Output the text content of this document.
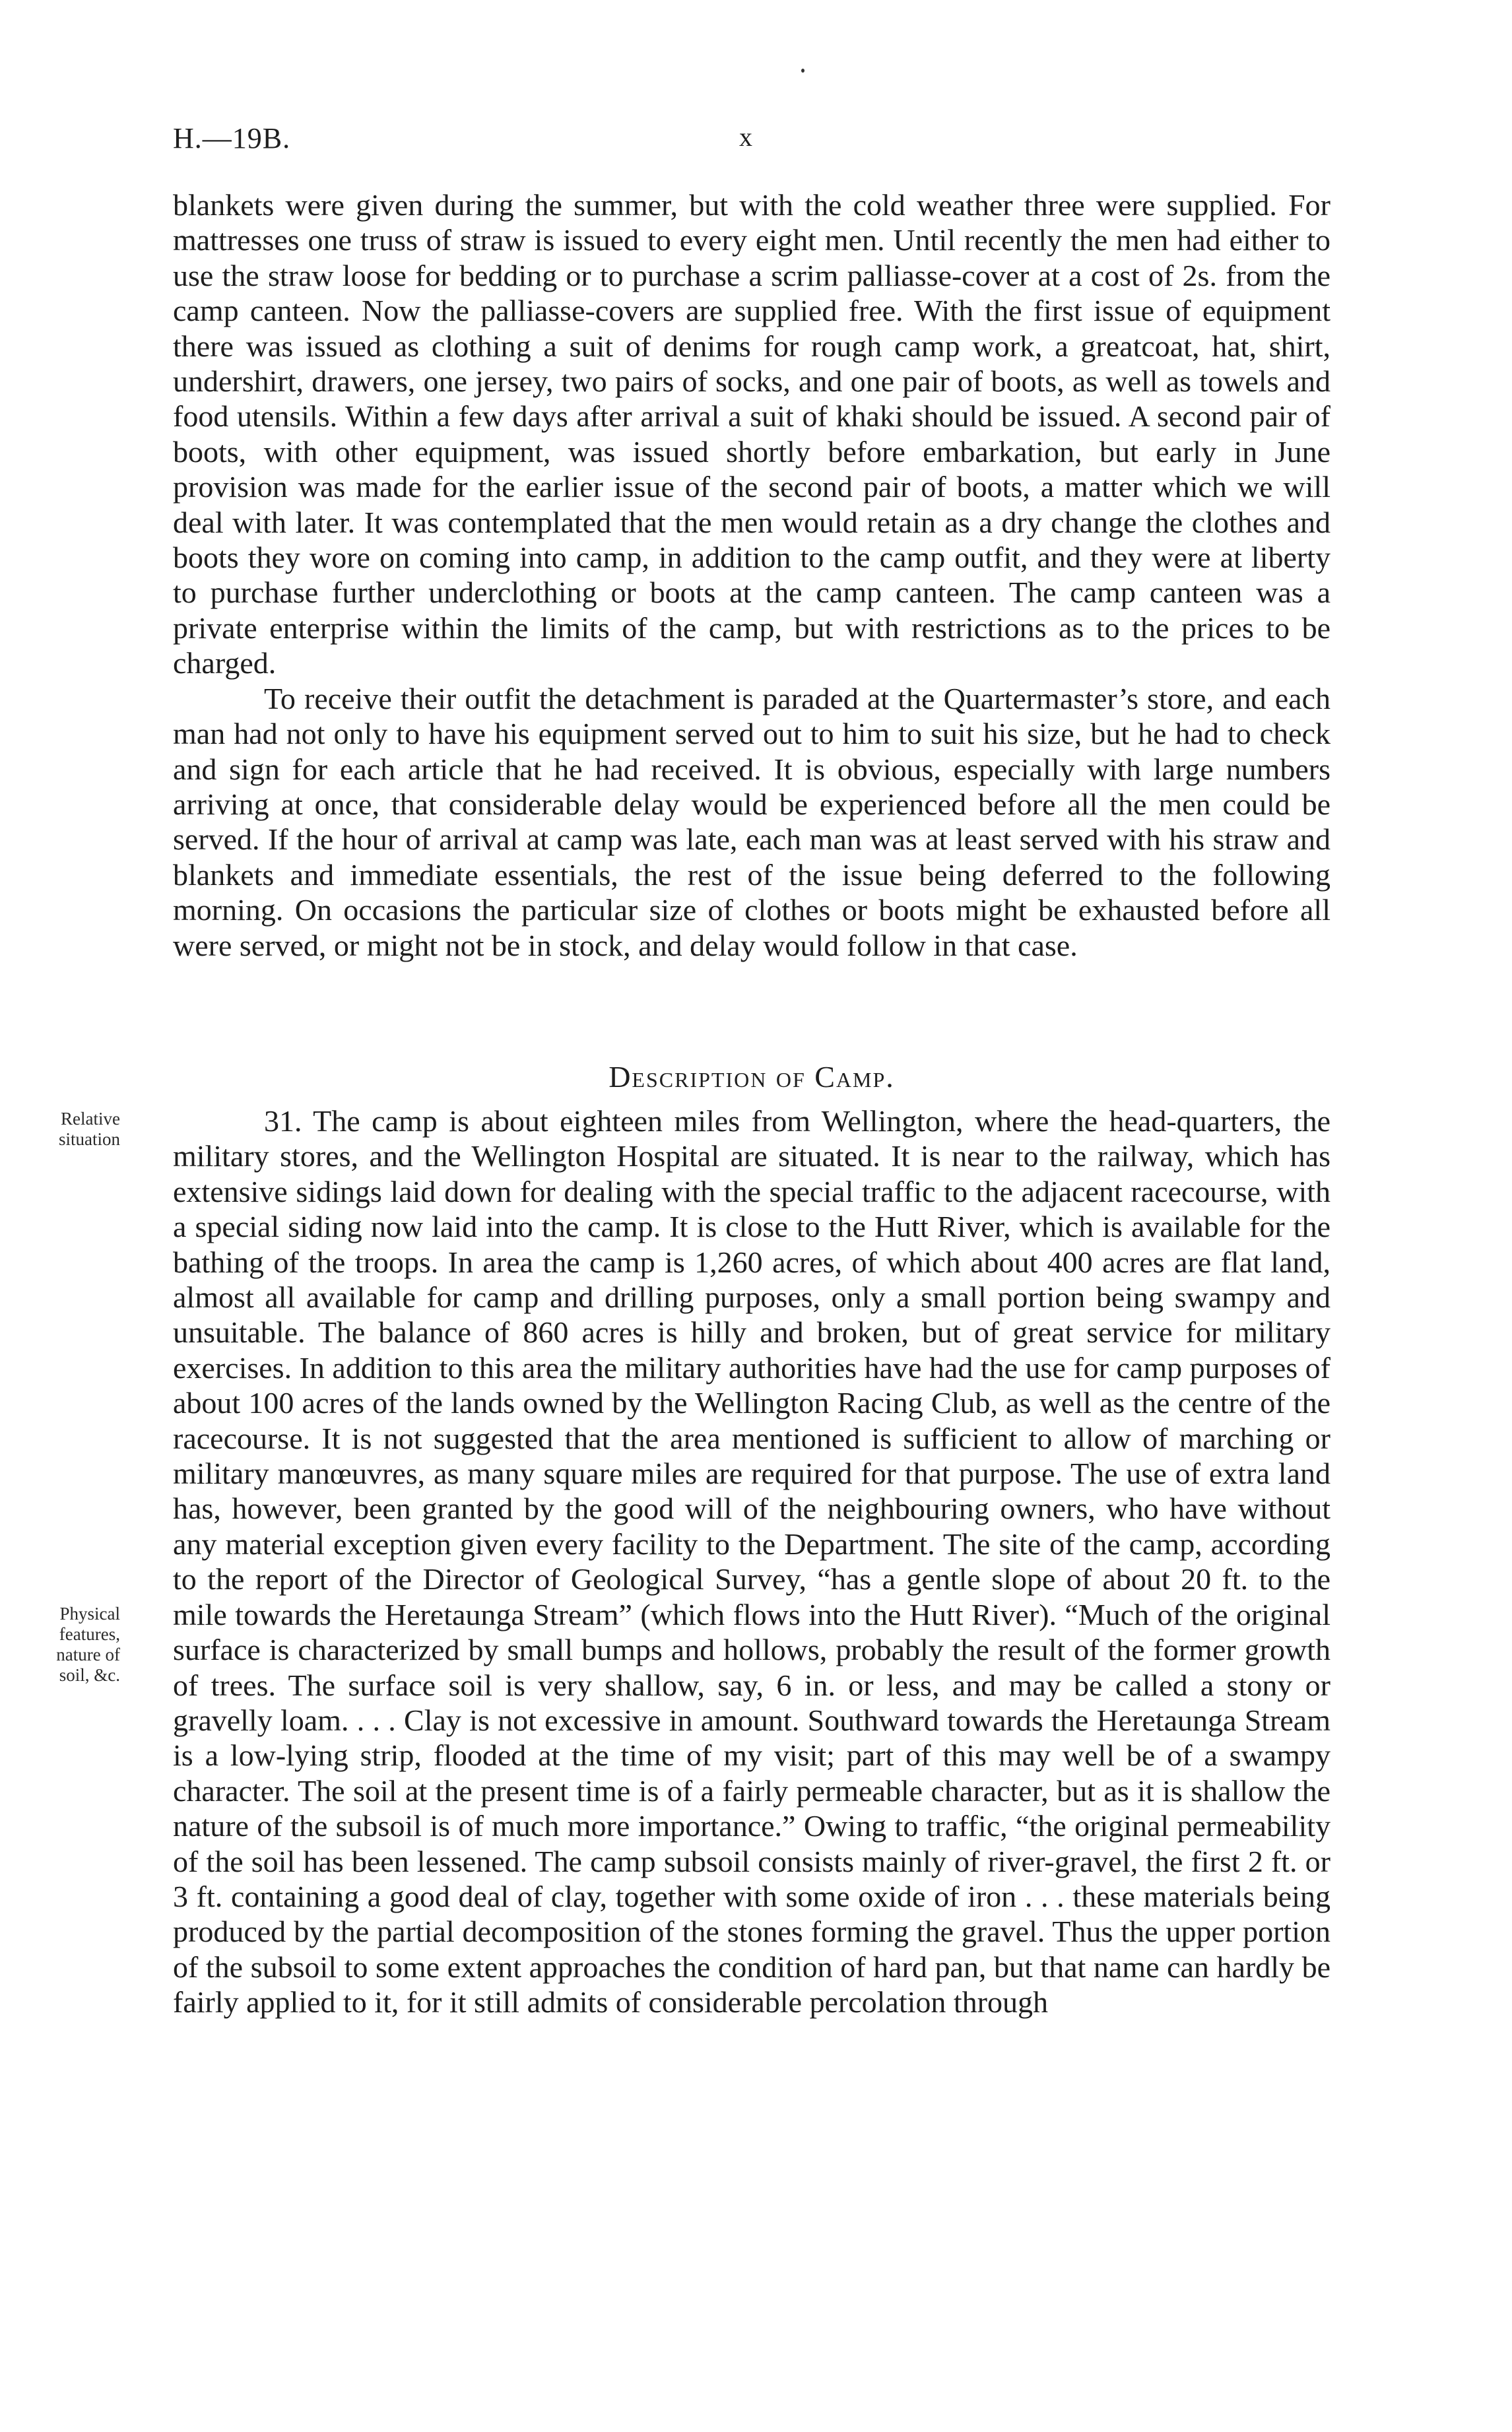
H.—19B.	x

blankets were given during the summer, but with the cold weather three were supplied. For mattresses one truss of straw is issued to every eight men. Until recently the men had either to use the straw loose for bedding or to purchase a scrim palliasse-cover at a cost of 2s. from the camp canteen. Now the palliasse-covers are supplied free. With the first issue of equipment there was issued as clothing a suit of denims for rough camp work, a greatcoat, hat, shirt, undershirt, drawers, one jersey, two pairs of socks, and one pair of boots, as well as towels and food utensils. Within a few days after arrival a suit of khaki should be issued. A second pair of boots, with other equipment, was issued shortly before embarkation, but early in June provision was made for the earlier issue of the second pair of boots, a matter which we will deal with later. It was contemplated that the men would retain as a dry change the clothes and boots they wore on coming into camp, in addition to the camp outfit, and they were at liberty to purchase further underclothing or boots at the camp canteen. The camp canteen was a private enterprise within the limits of the camp, but with restrictions as to the prices to be charged.

To receive their outfit the detachment is paraded at the Quartermaster’s store, and each man had not only to have his equipment served out to him to suit his size, but he had to check and sign for each article that he had received. It is obvious, especially with large numbers arriving at once, that considerable delay would be experienced before all the men could be served. If the hour of arrival at camp was late, each man was at least served with his straw and blankets and immediate essentials, the rest of the issue being deferred to the following morning. On occasions the particular size of clothes or boots might be exhausted before all were served, or might not be in stock, and delay would follow in that case.

Description of Camp.
Relative situation
Physical features, nature of soil, &c.

31. The camp is about eighteen miles from Wellington, where the head-quarters, the military stores, and the Wellington Hospital are situated. It is near to the railway, which has extensive sidings laid down for dealing with the special traffic to the adjacent racecourse, with a special siding now laid into the camp. It is close to the Hutt River, which is available for the bathing of the troops. In area the camp is 1,260 acres, of which about 400 acres are flat land, almost all available for camp and drilling purposes, only a small portion being swampy and unsuitable. The balance of 860 acres is hilly and broken, but of great service for military exercises. In addition to this area the military authorities have had the use for camp purposes of about 100 acres of the lands owned by the Wellington Racing Club, as well as the centre of the racecourse. It is not suggested that the area mentioned is sufficient to allow of marching or military manœuvres, as many square miles are required for that purpose. The use of extra land has, however, been granted by the good will of the neighbouring owners, who have without any material exception given every facility to the Department. The site of the camp, according to the report of the Director of Geological Survey, “has a gentle slope of about 20 ft. to the mile towards the Heretaunga Stream” (which flows into the Hutt River). “Much of the original surface is characterized by small bumps and hollows, probably the result of the former growth of trees. The surface soil is very shallow, say, 6 in. or less, and may be called a stony or gravelly loam. . . . Clay is not excessive in amount. Southward towards the Heretaunga Stream is a low-lying strip, flooded at the time of my visit; part of this may well be of a swampy character. The soil at the present time is of a fairly permeable character, but as it is shallow the nature of the subsoil is of much more importance.” Owing to traffic, “the original permeability of the soil has been lessened. The camp subsoil consists mainly of river-gravel, the first 2 ft. or 3 ft. containing a good deal of clay, together with some oxide of iron . . . these materials being produced by the partial decomposition of the stones forming the gravel. Thus the upper portion of the subsoil to some extent approaches the condition of hard pan, but that name can hardly be fairly applied to it, for it still admits of considerable percolation through
